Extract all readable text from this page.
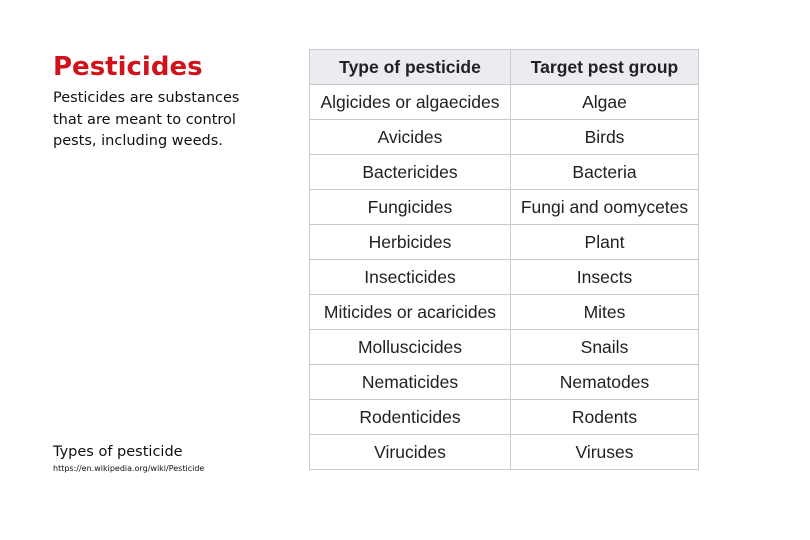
Pesticides

Pesticides are substances that are meant to control pests, including weeds.

Types of pesticide

https://en.wikipedia.org/wiki/Pesticide

Type of pesticide	Target pest group
Algicides or algaecides	Algae
Avicides	Birds
Bactericides	Bacteria
Fungicides	Fungi and oomycetes
Herbicides	Plant
Insecticides	Insects
Miticides or acaricides	Mites
Molluscicides	Snails
Nematicides	Nematodes
Rodenticides	Rodents
Virucides	Viruses
